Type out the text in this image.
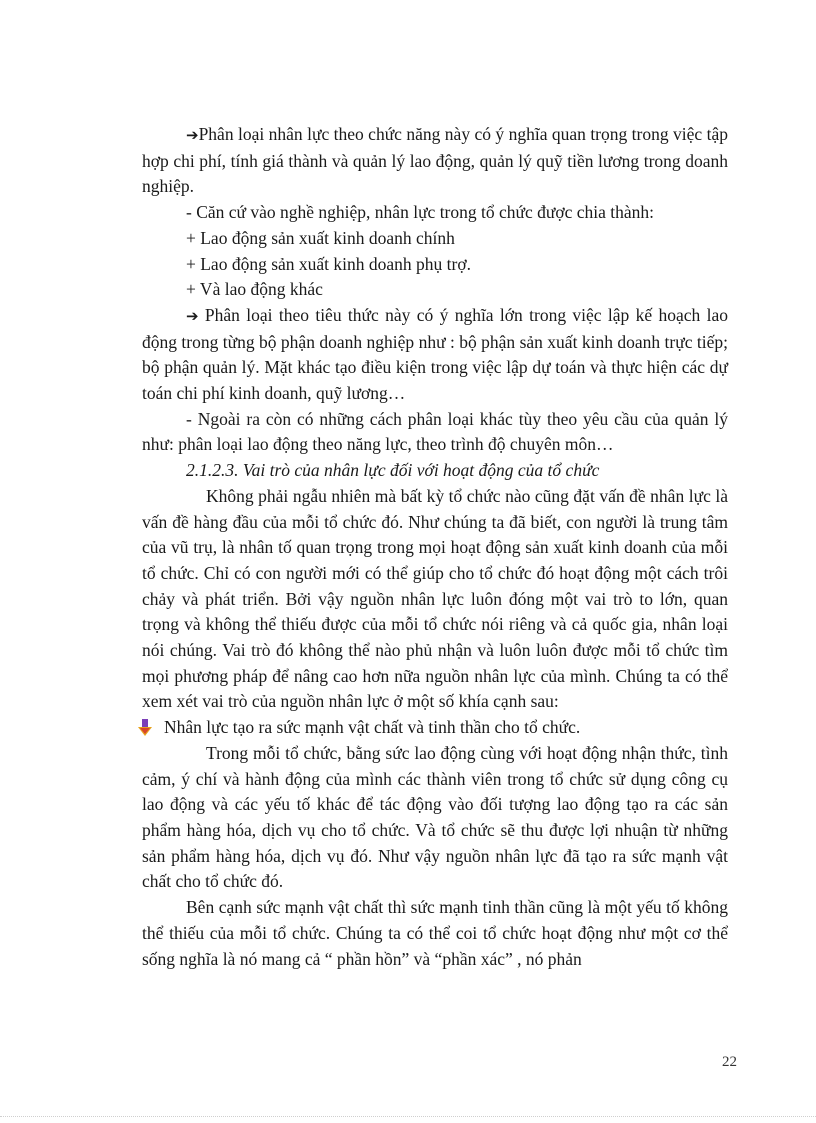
➔Phân loại nhân lực theo chức năng này có ý nghĩa quan trọng trong việc tập hợp chi phí, tính giá thành và quản lý lao động, quản lý quỹ tiền lương trong doanh nghiệp.

- Căn cứ vào nghề nghiệp, nhân lực trong tổ chức được chia thành:

+ Lao động sản xuất kinh doanh chính

+ Lao động sản xuất kinh doanh phụ trợ.

+ Và lao động khác

➔ Phân loại theo tiêu thức này có ý nghĩa lớn trong việc lập kế hoạch lao động trong từng bộ phận doanh nghiệp như : bộ phận sản xuất kinh doanh trực tiếp; bộ phận quản lý. Mặt khác tạo điều kiện trong việc lập dự toán và thực hiện các dự toán chi phí kinh doanh, quỹ lương…

- Ngoài ra còn có những cách phân loại khác tùy theo yêu cầu của quản lý như: phân loại lao động theo năng lực, theo trình độ chuyên môn…

2.1.2.3. Vai trò của nhân lực đối với hoạt động của tổ chức

Không phải ngẫu nhiên mà bất kỳ tổ chức nào cũng đặt vấn đề nhân lực là vấn đề hàng đầu của mỗi tổ chức đó. Như chúng ta đã biết, con người là trung tâm của vũ trụ, là nhân tố quan trọng trong mọi hoạt động sản xuất kinh doanh của mỗi tổ chức. Chỉ có con người mới có thể giúp cho tổ chức đó hoạt động một cách trôi chảy và phát triển. Bởi vậy nguồn nhân lực luôn đóng một vai trò to lớn, quan trọng và không thể thiếu được của mỗi tổ chức nói riêng và cả quốc gia, nhân loại nói chúng. Vai trò đó không thể nào phủ nhận và luôn luôn được mỗi tổ chức tìm mọi phương pháp để nâng cao hơn nữa nguồn nhân lực của mình. Chúng ta có thể xem xét vai trò của nguồn nhân lực ở một số khía cạnh sau:

Nhân lực tạo ra sức mạnh vật chất và tinh thần cho tổ chức.

Trong mỗi tổ chức, bằng sức lao động cùng với hoạt động nhận thức, tình cảm, ý chí và hành động của mình các thành viên trong tổ chức sử dụng công cụ lao động và các yếu tố khác để tác động vào đối tượng lao động tạo ra các sản phẩm hàng hóa, dịch vụ cho tổ chức. Và tổ chức sẽ thu được lợi nhuận từ những sản phẩm hàng hóa, dịch vụ đó. Như vậy nguồn nhân lực đã tạo ra sức mạnh vật chất cho tổ chức đó.

Bên cạnh sức mạnh vật chất thì sức mạnh tinh thần cũng là một yếu tố không thể thiếu của mỗi tổ chức. Chúng ta có thể coi tổ chức hoạt động như một cơ thể sống nghĩa là nó mang cả “ phần hồn” và “phần xác” , nó phản

22
